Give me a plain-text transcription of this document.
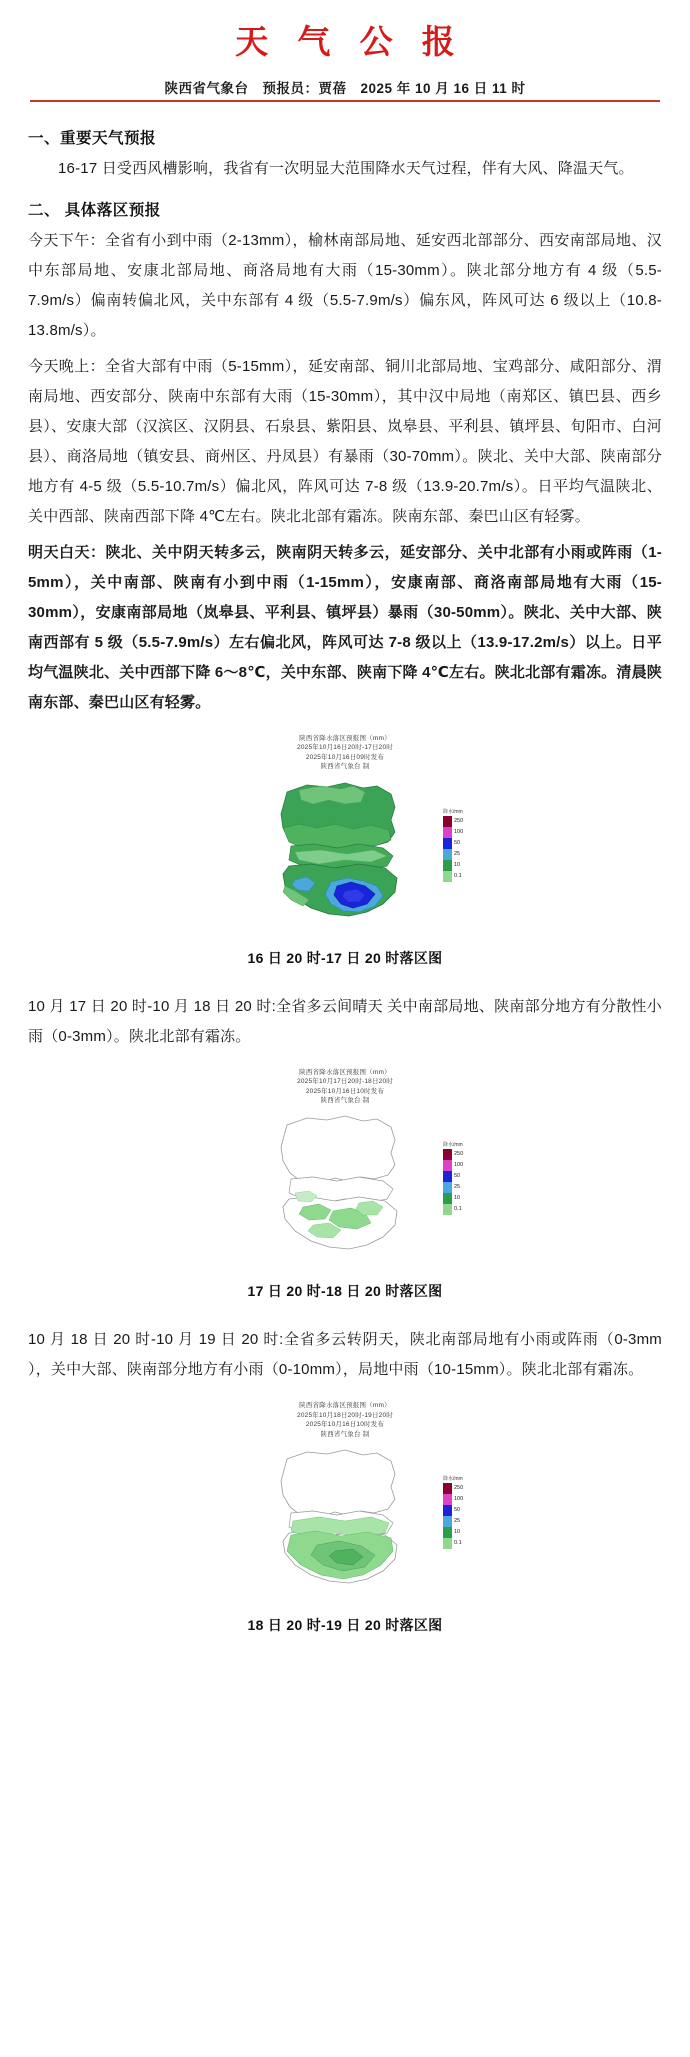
天 气 公 报
陕西省气象台　预报员：贾蓓　2025 年 10 月 16 日 11 时
一、重要天气预报

16-17 日受西风槽影响，我省有一次明显大范围降水天气过程，伴有大风、降温天气。

二、 具体落区预报

今天下午：全省有小到中雨（2-13mm），榆林南部局地、延安西北部部分、西安南部局地、汉中东部局地、安康北部局地、商洛局地有大雨（15-30mm）。陕北部分地方有 4 级（5.5-7.9m/s）偏南转偏北风，关中东部有 4 级（5.5-7.9m/s）偏东风，阵风可达 6 级以上（10.8-13.8m/s）。

今天晚上：全省大部有中雨（5-15mm），延安南部、铜川北部局地、宝鸡部分、咸阳部分、渭南局地、西安部分、陕南中东部有大雨（15-30mm），其中汉中局地（南郑区、镇巴县、西乡县）、安康大部（汉滨区、汉阴县、石泉县、紫阳县、岚皋县、平利县、镇坪县、旬阳市、白河县）、商洛局地（镇安县、商州区、丹凤县）有暴雨（30-70mm）。陕北、关中大部、陕南部分地方有 4-5 级（5.5-10.7m/s）偏北风，阵风可达 7-8 级（13.9-20.7m/s）。日平均气温陕北、关中西部、陕南西部下降 4℃左右。陕北北部有霜冻。陕南东部、秦巴山区有轻雾。

明天白天：陕北、关中阴天转多云，陕南阴天转多云，延安部分、关中北部有小雨或阵雨（1-5mm），关中南部、陕南有小到中雨（1-15mm），安康南部、商洛南部局地有大雨（15-30mm），安康南部局地（岚皋县、平利县、镇坪县）暴雨（30-50mm）。陕北、关中大部、陕南西部有 5 级（5.5-7.9m/s）左右偏北风，阵风可达 7-8 级以上（13.9-17.2m/s）以上。日平均气温陕北、关中西部下降 6～8℃，关中东部、陕南下降 4℃左右。陕北北部有霜冻。清晨陕南东部、秦巴山区有轻雾。

陕西省降水落区预报图（mm）
2025年10月16日20时-17日20时
2025年10月16日09时发布
陕西省气象台 制
降水/mm
250
100
50
25
10
0.1
16 日 20 时-17 日 20 时落区图

10 月 17 日 20 时-10 月 18 日 20 时:全省多云间晴天 关中南部局地、陕南部分地方有分散性小雨（0-3mm）。陕北北部有霜冻。

陕西省降水落区预报图（mm）
2025年10月17日20时-18日20时
2025年10月16日10时发布
陕西省气象台 制
降水/mm
250
100
50
25
10
0.1
17 日 20 时-18 日 20 时落区图

10 月 18 日 20 时-10 月 19 日 20 时:全省多云转阴天，陕北南部局地有小雨或阵雨（0-3mm ），关中大部、陕南部分地方有小雨（0-10mm），局地中雨（10-15mm）。陕北北部有霜冻。

陕西省降水落区预报图（mm）
2025年10月18日20时-19日20时
2025年10月16日10时发布
陕西省气象台 制
降水/mm
250
100
50
25
10
0.1
18 日 20 时-19 日 20 时落区图
